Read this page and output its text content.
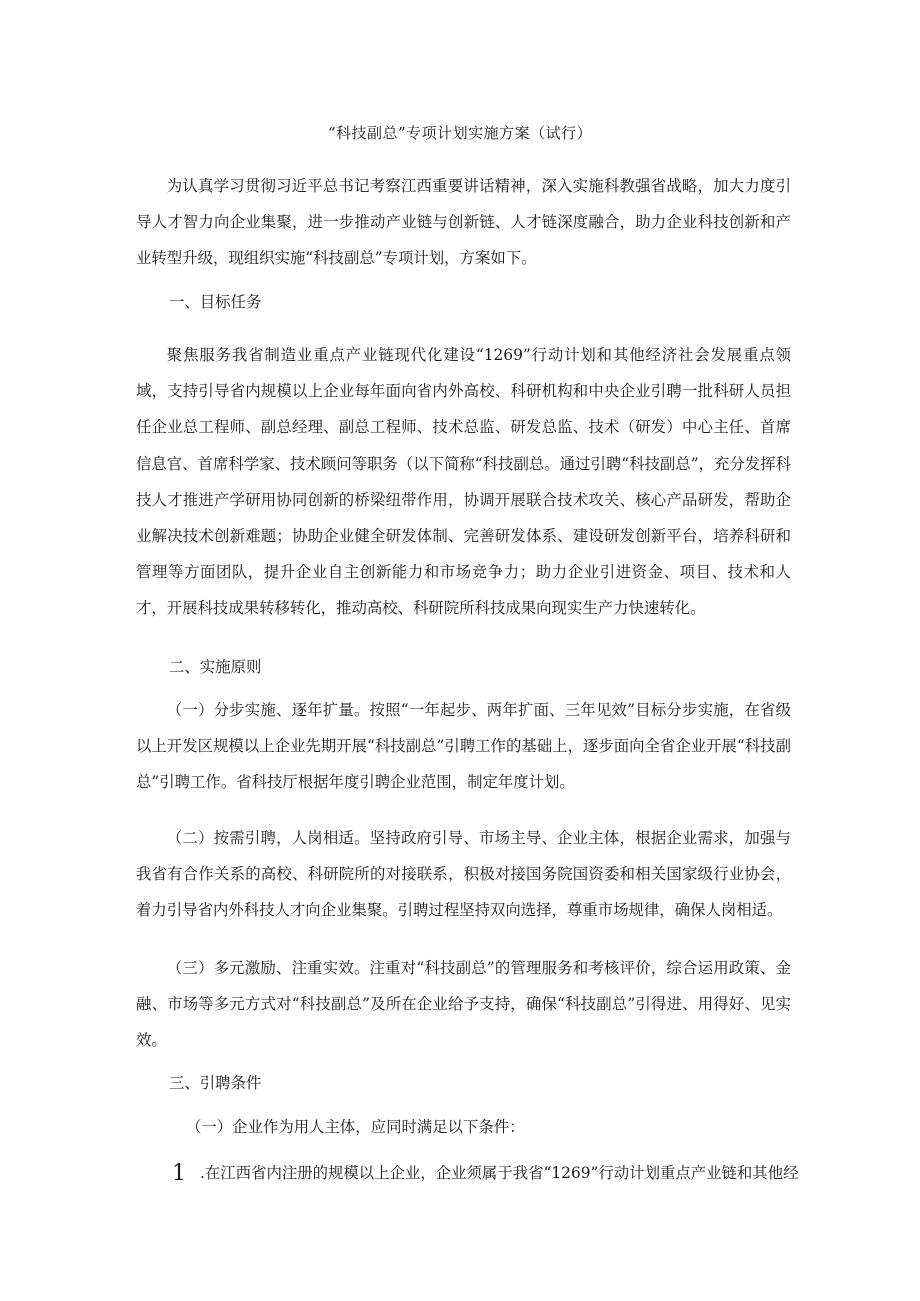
“科技副总”专项计划实施方案（试行）

为认真学习贯彻习近平总书记考察江西重要讲话精神，深入实施科教强省战略，加大力度引导人才智力向企业集聚，进一步推动产业链与创新链、人才链深度融合，助力企业科技创新和产业转型升级，现组织实施“科技副总”专项计划，方案如下。

一、目标任务

聚焦服务我省制造业重点产业链现代化建设“1269”行动计划和其他经济社会发展重点领域，支持引导省内规模以上企业每年面向省内外高校、科研机构和中央企业引聘一批科研人员担任企业总工程师、副总经理、副总工程师、技术总监、研发总监、技术（研发）中心主任、首席信息官、首席科学家、技术顾问等职务（以下简称“科技副总。通过引聘“科技副总”，充分发挥科技人才推进产学研用协同创新的桥梁纽带作用，协调开展联合技术攻关、核心产品研发，帮助企业解决技术创新难题；协助企业健全研发体制、完善研发体系、建设研发创新平台，培养科研和管理等方面团队，提升企业自主创新能力和市场竞争力；助力企业引进资金、项目、技术和人才，开展科技成果转移转化，推动高校、科研院所科技成果向现实生产力快速转化。

二、实施原则

（一）分步实施、逐年扩量。按照“一年起步、两年扩面、三年见效”目标分步实施，在省级以上开发区规模以上企业先期开展“科技副总”引聘工作的基础上，逐步面向全省企业开展“科技副总”引聘工作。省科技厅根据年度引聘企业范围，制定年度计划。

（二）按需引聘，人岗相适。坚持政府引导、市场主导、企业主体，根据企业需求，加强与我省有合作关系的高校、科研院所的对接联系，积极对接国务院国资委和相关国家级行业协会，着力引导省内外科技人才向企业集聚。引聘过程坚持双向选择，尊重市场规律，确保人岗相适。

（三）多元激励、注重实效。注重对“科技副总”的管理服务和考核评价，综合运用政策、金融、市场等多元方式对“科技副总”及所在企业给予支持，确保“科技副总”引得进、用得好、见实效。

三、引聘条件

（一）企业作为用人主体，应同时满足以下条件：

1 .在江西省内注册的规模以上企业，企业须属于我省“1269”行动计划重点产业链和其他经
